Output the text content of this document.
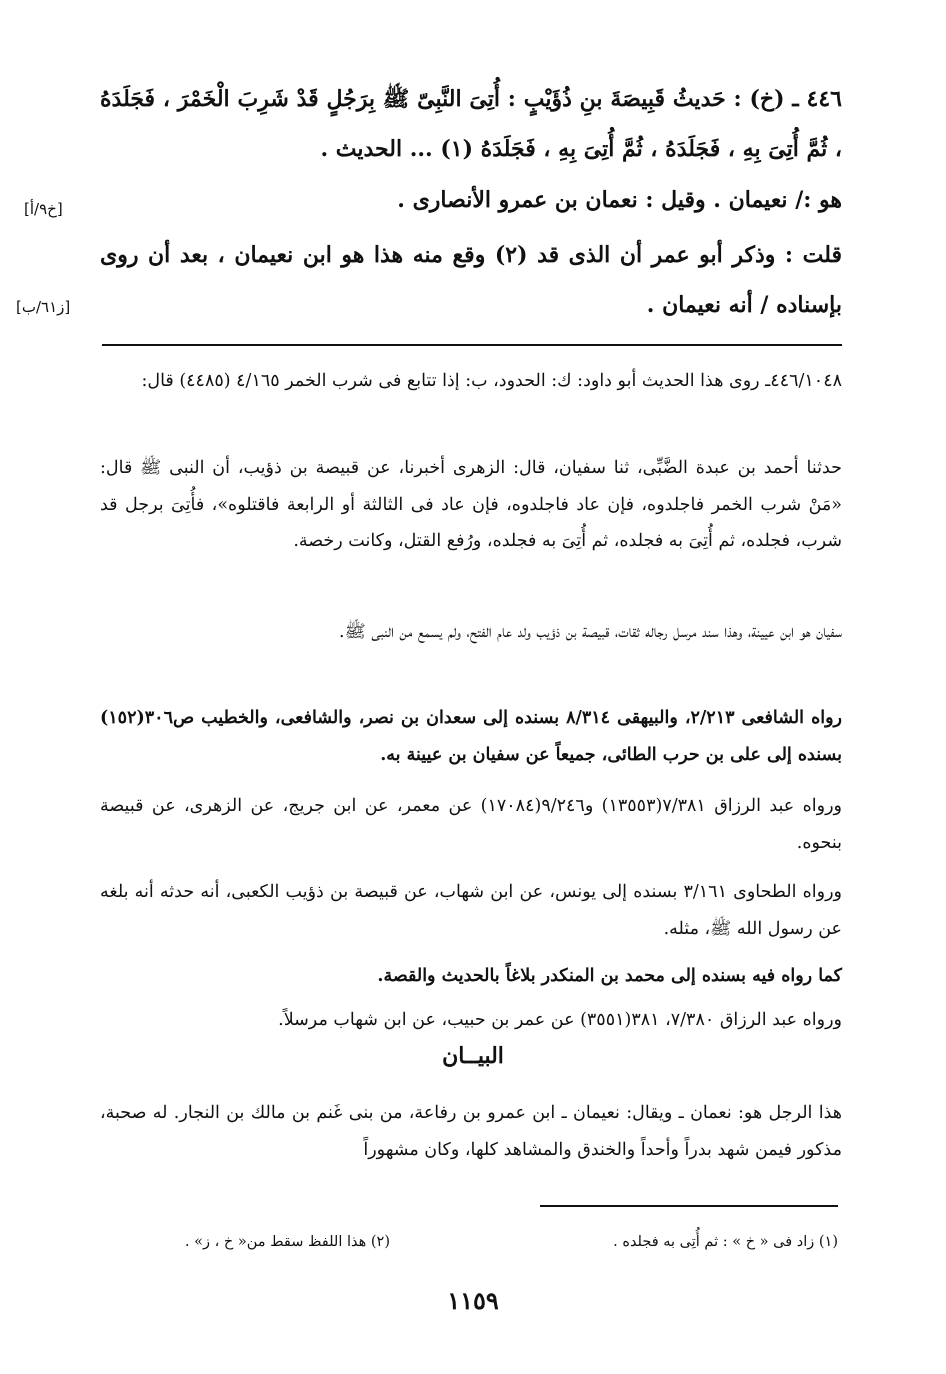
[خ٩/أ]
[ز٦١/ب]
٤٤٦ ـ (خ) : حَديثُ قَبِيصَةَ بنِ ذُؤَيْبٍ : أُتِىَ النَّبِىّ ﷺ بِرَجُلٍ قَدْ شَرِبَ الْخَمْرَ ، فَجَلَدَهُ ، ثُمَّ أُتِىَ بِهِ ، فَجَلَدَهُ ، ثُمَّ أُتِىَ بِهِ ، فَجَلَدَهُ (١) ... الحديث .
هو :/ نعيمان . وقيل : نعمان بن عمرو الأنصارى .
قلت : وذكر أبو عمر أن الذى قد (٢) وقع منه هذا هو ابن نعيمان ، بعد أن روى بإسناده / أنه نعيمان .
٤٤٦/١٠٤٨ـ روى هذا الحديث أبو داود: ك: الحدود، ب: إذا تتابع فى شرب الخمر ٤/١٦٥ (٤٤٨٥) قال:
حدثنا أحمد بن عبدة الضَّبِّى، ثنا سفيان، قال: الزهرى أخبرنا، عن قبيصة بن ذؤيب، أن النبى ﷺ قال: «مَنْ شرب الخمر فاجلدوه، فإن عاد فاجلدوه، فإن عاد فى الثالثة أو الرابعة فاقتلوه»، فأُتِىَ برجل قد شرب، فجلده، ثم أُتِىَ به فجلده، ثم أُتِىَ به فجلده، ورُفع القتل، وكانت رخصة.
سفيان هو ابن عيينة، وهذا سند مرسل رجاله ثقات، قبيصة بن ذؤيب ولد عام الفتح، ولم يسمع من النبى ﷺ.
رواه الشافعى ٢/٢١٣، والبيهقى ٨/٣١٤ بسنده إلى سعدان بن نصر، والشافعى، والخطيب ص٣٠٦(١٥٢) بسنده إلى على بن حرب الطائى، جميعاً عن سفيان بن عيينة به.
ورواه عبد الرزاق ٧/٣٨١(١٣٥٥٣) و٩/٢٤٦(١٧٠٨٤) عن معمر، عن ابن جريج، عن الزهرى، عن قبيصة بنحوه.
ورواه الطحاوى ٣/١٦١ بسنده إلى يونس، عن ابن شهاب، عن قبيصة بن ذؤيب الكعبى، أنه حدثه أنه بلغه عن رسول الله ﷺ، مثله.
كما رواه فيه بسنده إلى محمد بن المنكدر بلاغاً بالحديث والقصة.
ورواه عبد الرزاق ٧/٣٨٠، ٣٨١(٣٥٥١) عن عمر بن حبيب، عن ابن شهاب مرسلاً.
البيــان
هذا الرجل هو: نعمان ـ ويقال: نعيمان ـ ابن عمرو بن رفاعة، من بنى غَنم بن مالك بن النجار. له صحبة، مذكور فيمن شهد بدراً وأحداً والخندق والمشاهد كلها، وكان مشهوراً
(١) زاد فى « خ » : ثم أُتِى به فجلده .
(٢) هذا اللفظ سقط من« خ ، ز» .
١١٥٩
